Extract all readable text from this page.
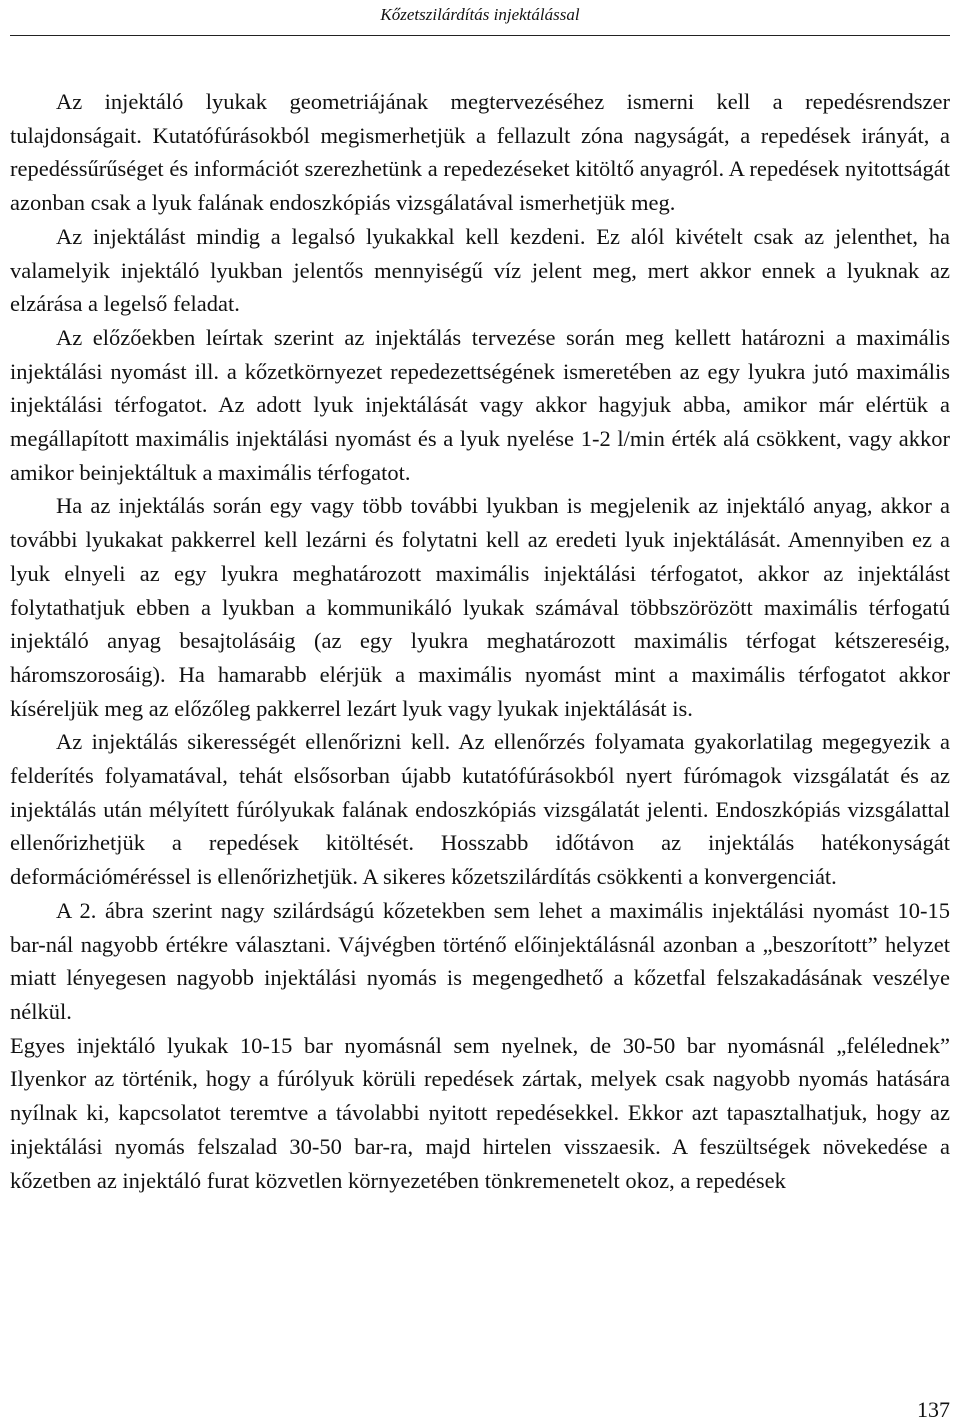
Kőzetszilárdítás injektálással

Az injektáló lyukak geometriájának megtervezéséhez ismerni kell a repedésrendszer tulajdonságait. Kutatófúrásokból megismerhetjük a fellazult zóna nagyságát, a repedések irányát, a repedéssűrűséget és információt szerezhetünk a repedezéseket kitöltő anyagról. A repedések nyitottságát azonban csak a lyuk falának endoszkópiás vizsgálatával ismerhetjük meg.

Az injektálást mindig a legalsó lyukakkal kell kezdeni. Ez alól kivételt csak az jelenthet, ha valamelyik injektáló lyukban jelentős mennyiségű víz jelent meg, mert akkor ennek a lyuknak az elzárása a legelső feladat.

Az előzőekben leírtak szerint az injektálás tervezése során meg kellett határozni a maximális injektálási nyomást ill. a kőzetkörnyezet repedezettségének ismeretében az egy lyukra jutó maximális injektálási térfogatot. Az adott lyuk injektálását vagy akkor hagyjuk abba, amikor már elértük a megállapított maximális injektálási nyomást és a lyuk nyelése 1-2 l/min érték alá csökkent, vagy akkor amikor beinjektáltuk a maximális térfogatot.

Ha az injektálás során egy vagy több további lyukban is megjelenik az injektáló anyag, akkor a további lyukakat pakkerrel kell lezárni és folytatni kell az eredeti lyuk injektálását. Amennyiben ez a lyuk elnyeli az egy lyukra meghatározott maximális injektálási térfogatot, akkor az injektálást folytathatjuk ebben a lyukban a kommunikáló lyukak számával többszörözött maximális térfogatú injektáló anyag besajtolásáig (az egy lyukra meghatározott maximális térfogat kétszereséig, háromszorosáig). Ha hamarabb elérjük a maximális nyomást mint a maximális térfogatot akkor kíséreljük meg az előzőleg pakkerrel lezárt lyuk vagy lyukak injektálását is.

Az injektálás sikerességét ellenőrizni kell. Az ellenőrzés folyamata gyakorlatilag megegyezik a felderítés folyamatával, tehát elsősorban újabb kutatófúrásokból nyert fúrómagok vizsgálatát és az injektálás után mélyített fúrólyukak falának endoszkópiás vizsgálatát jelenti. Endoszkópiás vizsgálattal ellenőrizhetjük a repedések kitöltését. Hosszabb időtávon az injektálás hatékonyságát deformációméréssel is ellenőrizhetjük. A sikeres kőzetszilárdítás csökkenti a konvergenciát.

A 2. ábra szerint nagy szilárdságú kőzetekben sem lehet a maximális injektálási nyomást 10-15 bar-nál nagyobb értékre választani. Vájvégben történő előinjektálásnál azonban a „beszorított” helyzet miatt lényegesen nagyobb injektálási nyomás is megengedhető a kőzetfal felszakadásának veszélye nélkül.

Egyes injektáló lyukak 10-15 bar nyomásnál sem nyelnek, de 30-50 bar nyomásnál „felélednek” Ilyenkor az történik, hogy a fúrólyuk körüli repedések zártak, melyek csak nagyobb nyomás hatására nyílnak ki, kapcsolatot teremtve a távolabbi nyitott repedésekkel. Ekkor azt tapasztalhatjuk, hogy az injektálási nyomás felszalad 30-50 bar-ra, majd hirtelen visszaesik. A feszültségek növekedése a kőzetben az injektáló furat közvetlen környezetében tönkremenetelt okoz, a repedések

137
